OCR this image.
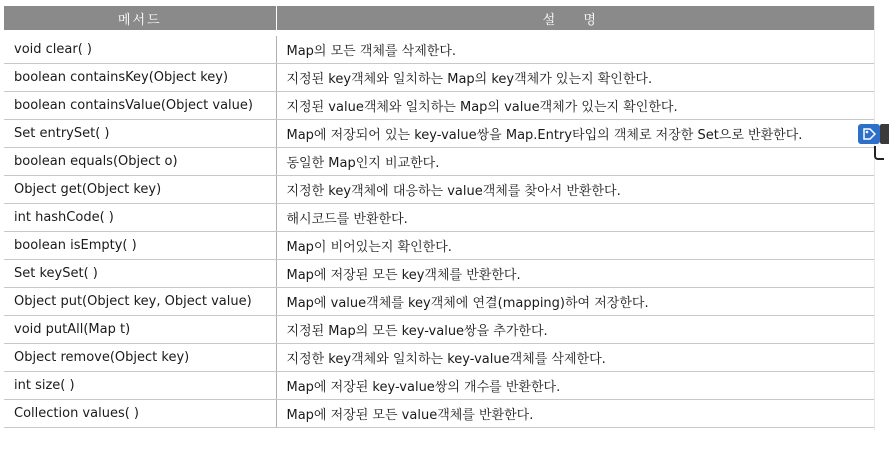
메서드	설 명
void clear( )	Map의 모든 객체를 삭제한다.
boolean containsKey(Object key)	지정된 key객체와 일치하는 Map의 key객체가 있는지 확인한다.
boolean containsValue(Object value)	지정된 value객체와 일치하는 Map의 value객체가 있는지 확인한다.
Set entrySet( )	Map에 저장되어 있는 key-value쌍을 Map.Entry타입의 객체로 저장한 Set으로 반환한다.
boolean equals(Object o)	동일한 Map인지 비교한다.
Object get(Object key)	지정한 key객체에 대응하는 value객체를 찾아서 반환한다.
int hashCode( )	해시코드를 반환한다.
boolean isEmpty( )	Map이 비어있는지 확인한다.
Set keySet( )	Map에 저장된 모든 key객체를 반환한다.
Object put(Object key, Object value)	Map에 value객체를 key객체에 연결(mapping)하여 저장한다.
void putAll(Map t)	지정된 Map의 모든 key-value쌍을 추가한다.
Object remove(Object key)	지정한 key객체와 일치하는 key-value객체를 삭제한다.
int size( )	Map에 저장된 key-value쌍의 개수를 반환한다.
Collection values( )	Map에 저장된 모든 value객체를 반환한다.
